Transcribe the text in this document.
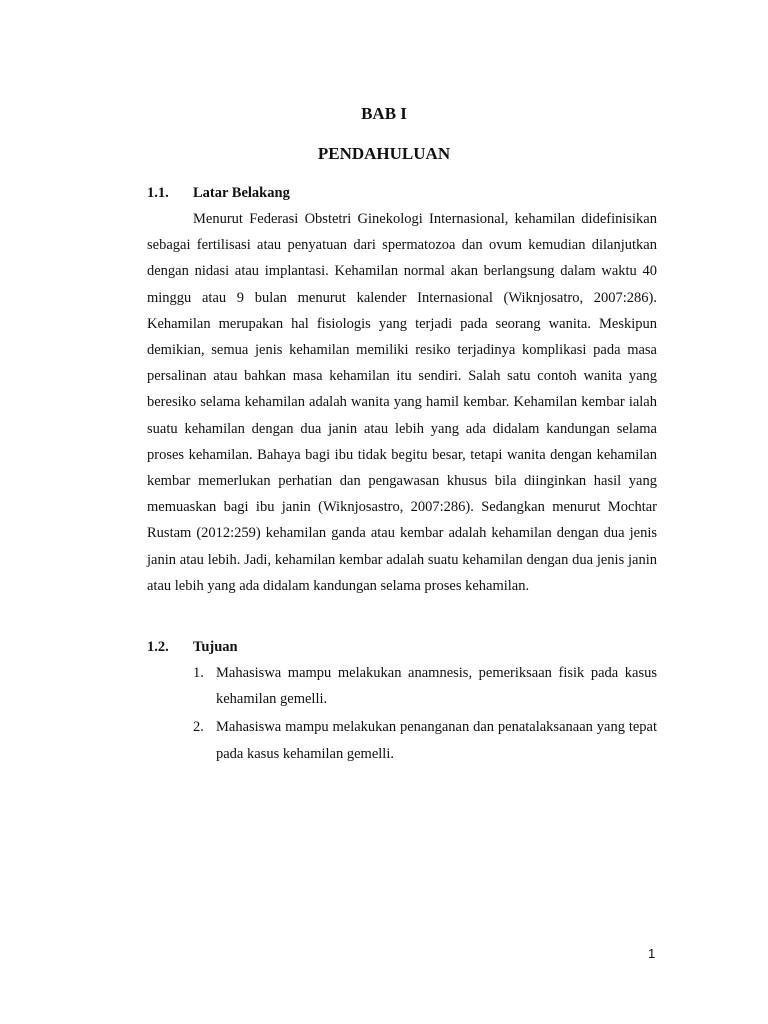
BAB I
PENDAHULUAN
1.1. Latar Belakang

Menurut Federasi Obstetri Ginekologi Internasional, kehamilan didefinisikan sebagai fertilisasi atau penyatuan dari spermatozoa dan ovum kemudian dilanjutkan dengan nidasi atau implantasi. Kehamilan normal akan berlangsung dalam waktu 40 minggu atau 9 bulan menurut kalender Internasional (Wiknjosatro, 2007:286). Kehamilan merupakan hal fisiologis yang terjadi pada seorang wanita. Meskipun demikian, semua jenis kehamilan memiliki resiko terjadinya komplikasi pada masa persalinan atau bahkan masa kehamilan itu sendiri. Salah satu contoh wanita yang beresiko selama kehamilan adalah wanita yang hamil kembar. Kehamilan kembar ialah suatu kehamilan dengan dua janin atau lebih yang ada didalam kandungan selama proses kehamilan. Bahaya bagi ibu tidak begitu besar, tetapi wanita dengan kehamilan kembar memerlukan perhatian dan pengawasan khusus bila diinginkan hasil yang memuaskan bagi ibu janin (Wiknjosastro, 2007:286). Sedangkan menurut Mochtar Rustam (2012:259) kehamilan ganda atau kembar adalah kehamilan dengan dua jenis janin atau lebih. Jadi, kehamilan kembar adalah suatu kehamilan dengan dua jenis janin atau lebih yang ada didalam kandungan selama proses kehamilan.

1.2. Tujuan
1. Mahasiswa mampu melakukan anamnesis, pemeriksaan fisik pada kasus kehamilan gemelli.
2. Mahasiswa mampu melakukan penanganan dan penatalaksanaan yang tepat pada kasus kehamilan gemelli.
1
